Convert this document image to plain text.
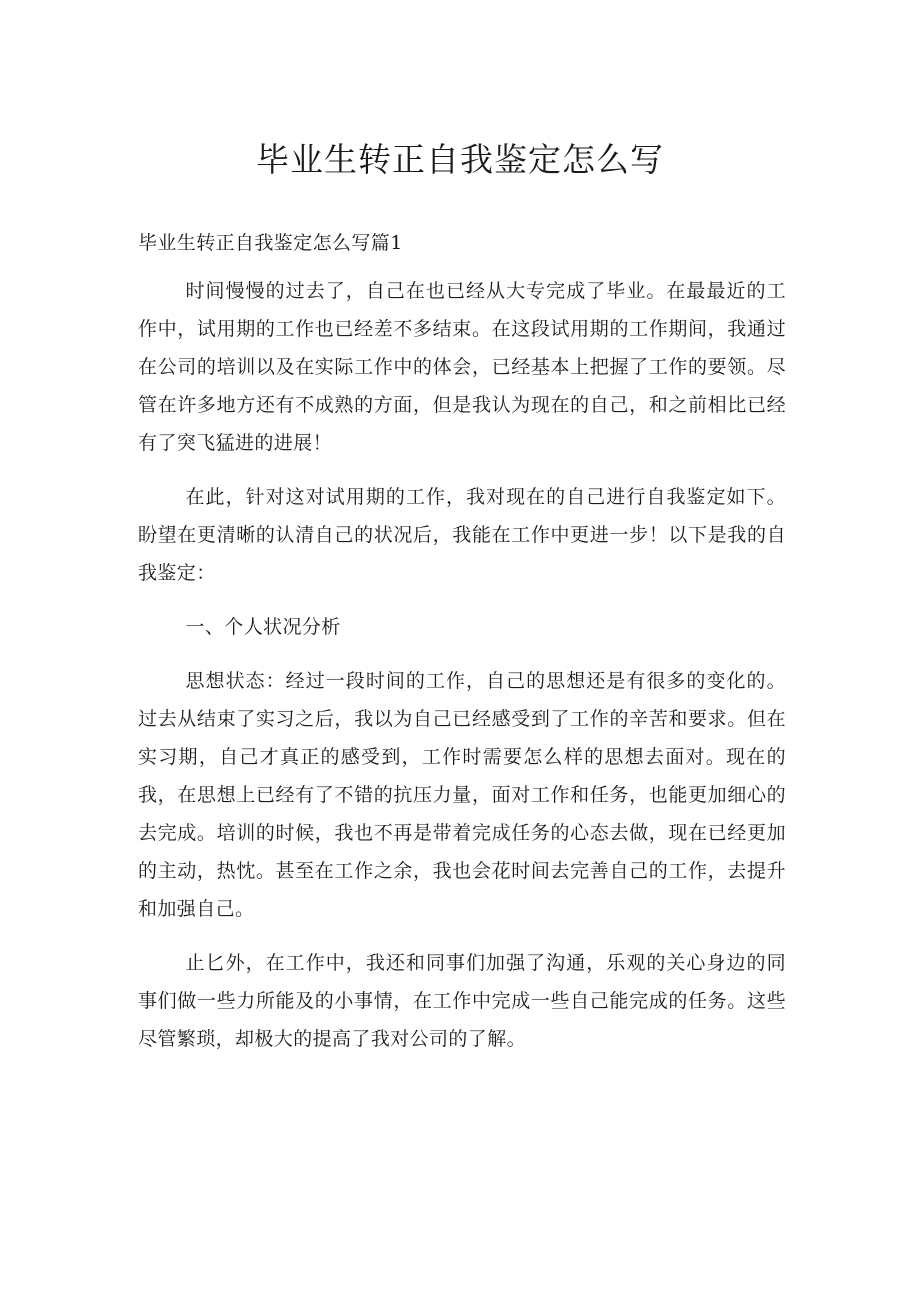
毕业生转正自我鉴定怎么写

毕业生转正自我鉴定怎么写篇1

时间慢慢的过去了，自己在也已经从大专完成了毕业。在最最近的工作中，试用期的工作也已经差不多结束。在这段试用期的工作期间，我通过在公司的培训以及在实际工作中的体会，已经基本上把握了工作的要领。尽管在许多地方还有不成熟的方面，但是我认为现在的自己，和之前相比已经有了突飞猛进的进展！

在此，针对这对试用期的工作，我对现在的自己进行自我鉴定如下。盼望在更清晰的认清自己的状况后，我能在工作中更进一步！以下是我的自我鉴定：

一、个人状况分析

思想状态：经过一段时间的工作，自己的思想还是有很多的变化的。过去从结束了实习之后，我以为自己已经感受到了工作的辛苦和要求。但在实习期，自己才真正的感受到，工作时需要怎么样的思想去面对。现在的我，在思想上已经有了不错的抗压力量，面对工作和任务，也能更加细心的去完成。培训的时候，我也不再是带着完成任务的心态去做，现在已经更加的主动，热忱。甚至在工作之余，我也会花时间去完善自己的工作，去提升和加强自己。

止匕外，在工作中，我还和同事们加强了沟通，乐观的关心身边的同事们做一些力所能及的小事情，在工作中完成一些自己能完成的任务。这些尽管繁琐，却极大的提高了我对公司的了解。
